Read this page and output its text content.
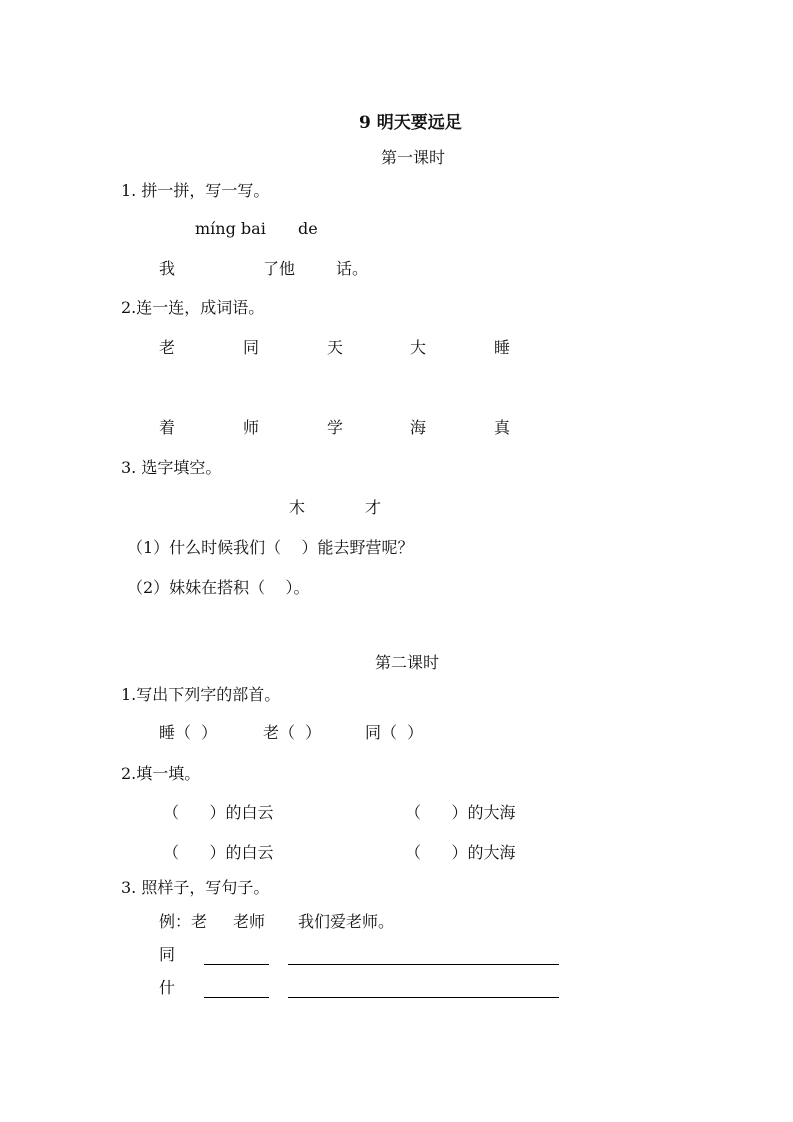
9 明天要远足
第一课时
1. 拼一拼，写一写。
míng bai de
我	了他	话。
2.连一连，成词语。
老	同	天	大	睡
着	师	学	海	真
3. 选字填空。
木	才
（1）什么时候我们（    ）能去野营呢？
（2）妹妹在搭积（    ）。
第二课时
1.写出下列字的部首。
睡（  ）	老（  ）	同（  ）
2.填一填。
（      ）的白云	（      ）的大海
（      ）的白云	（      ）的大海
3. 照样子，写句子。
例：老 老师 我们爱老师。
同
什
